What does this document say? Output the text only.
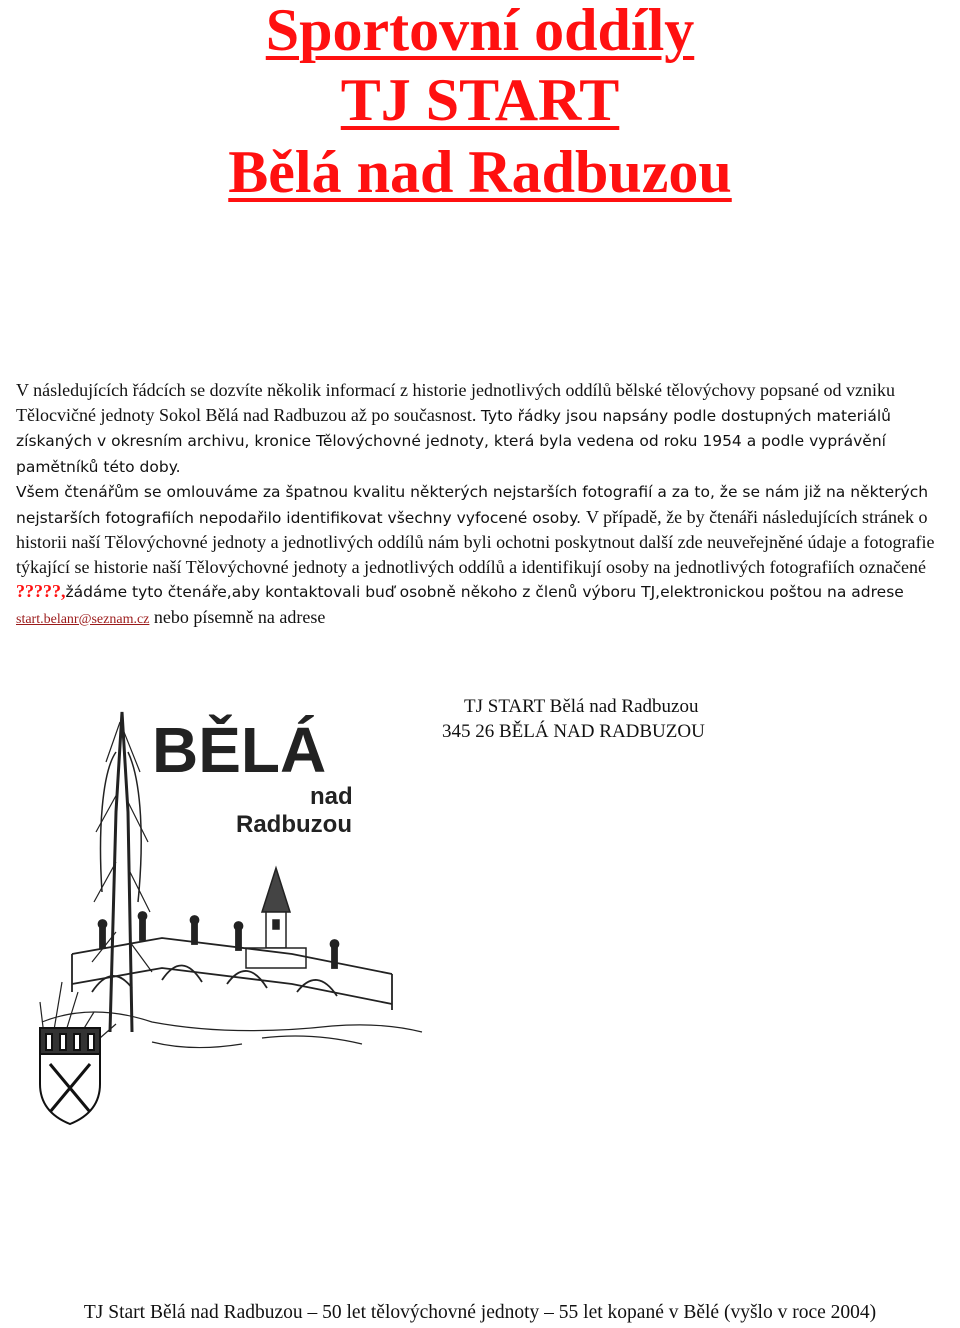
Sportovní oddíly
TJ START
Bělá nad Radbuzou

V následujících řádcích se dozvíte několik informací z historie jednotlivých oddílů bělské tělovýchovy popsané od vzniku Tělocvičné jednoty Sokol Bělá nad Radbuzou až po současnost. Tyto řádky jsou napsány podle dostupných materiálů získaných v okresním archivu, kronice Tělovýchovné jednoty, která byla vedena od roku 1954 a podle vyprávění pamětníků této doby.

Všem čtenářům se omlouváme za špatnou kvalitu některých nejstarších fotografií a za to, že se nám již na některých nejstarších fotografiích nepodařilo identifikovat všechny vyfocené osoby. V případě, že by čtenáři následujících stránek o historii naší Tělovýchovné jednoty a jednotlivých oddílů nám byli ochotni poskytnout další zde neuveřejněné údaje a fotografie týkající se historie naší Tělovýchovné jednoty a jednotlivých oddílů a identifikují osoby na jednotlivých fotografiích označené ?????,žádáme tyto čtenáře,aby kontaktovali buď osobně někoho z členů výboru TJ,elektronickou poštou na adrese start.belanr@seznam.cz nebo písemně na adrese

TJ START Bělá nad Radbuzou
345 26 BĚLÁ NAD RADBUZOU
BĚLÁ
nad
Radbuzou
TJ Start Bělá nad Radbuzou – 50 let tělovýchovné jednoty – 55 let kopané v Bělé (vyšlo v roce 2004)
